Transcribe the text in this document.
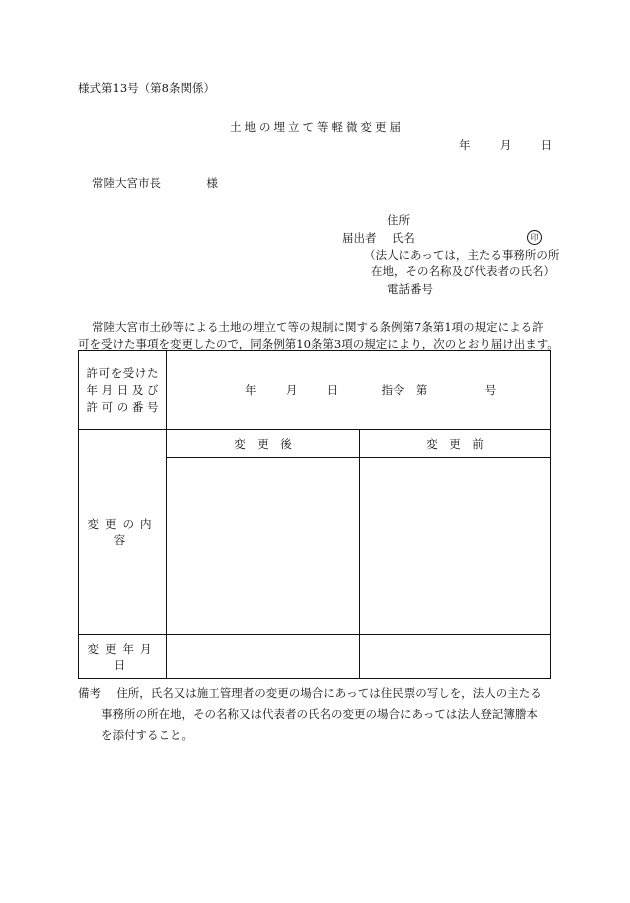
様式第13号（第8条関係）
土地の埋立て等軽微変更届
年	月	日
常陸大宮市長	様
住所
届出者 氏名	印
（法人にあっては，主たる事務所の所
在地，その名称及び代表者の氏名）
電話番号
常陸大宮市土砂等による土地の埋立て等の規制に関する条例第7条第1項の規定による許
可を受けた事項を変更したので，同条例第10条第3項の規定により，次のとおり届け出ます。
許可を受けた
年月日及び
許可の番号	年 月 日 指令　第 号	
変更の内容	変　更　後	変　更　前

変更年月日		
備考 住所，氏名又は施工管理者の変更の場合にあっては住民票の写しを，法人の主たる
事務所の所在地，その名称又は代表者の氏名の変更の場合にあっては法人登記簿謄本
を添付すること。
